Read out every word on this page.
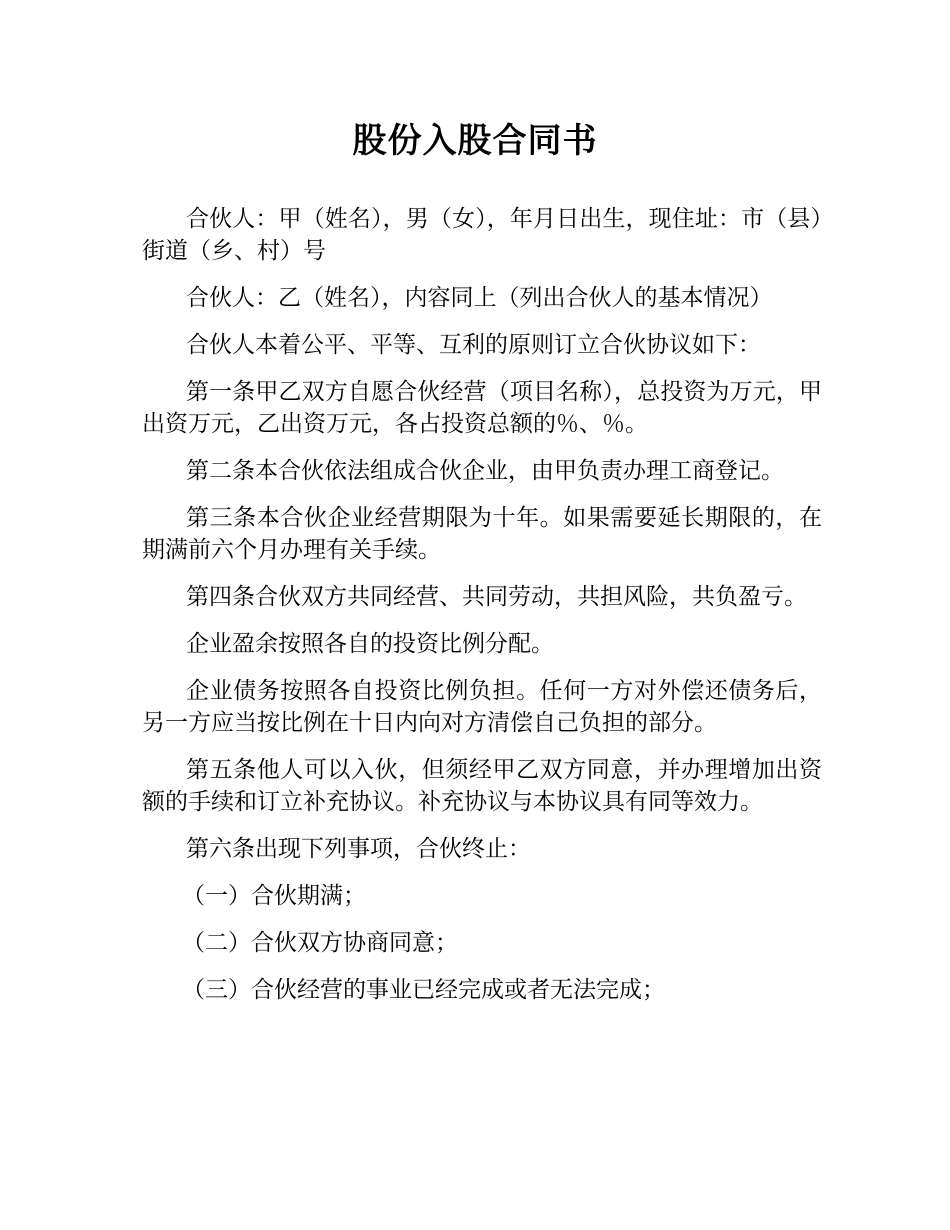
股份入股合同书

合伙人：甲（姓名），男（女），年月日出生，现住址：市（县）街道（乡、村）号

合伙人：乙（姓名），内容同上（列出合伙人的基本情况）

合伙人本着公平、平等、互利的原则订立合伙协议如下：

第一条甲乙双方自愿合伙经营（项目名称），总投资为万元，甲出资万元，乙出资万元，各占投资总额的％、％。

第二条本合伙依法组成合伙企业，由甲负责办理工商登记。

第三条本合伙企业经营期限为十年。如果需要延长期限的，在期满前六个月办理有关手续。

第四条合伙双方共同经营、共同劳动，共担风险，共负盈亏。

企业盈余按照各自的投资比例分配。

企业债务按照各自投资比例负担。任何一方对外偿还债务后，另一方应当按比例在十日内向对方清偿自己负担的部分。

第五条他人可以入伙，但须经甲乙双方同意，并办理增加出资额的手续和订立补充协议。补充协议与本协议具有同等效力。

第六条出现下列事项，合伙终止：

（一）合伙期满；

（二）合伙双方协商同意；

（三）合伙经营的事业已经完成或者无法完成；
